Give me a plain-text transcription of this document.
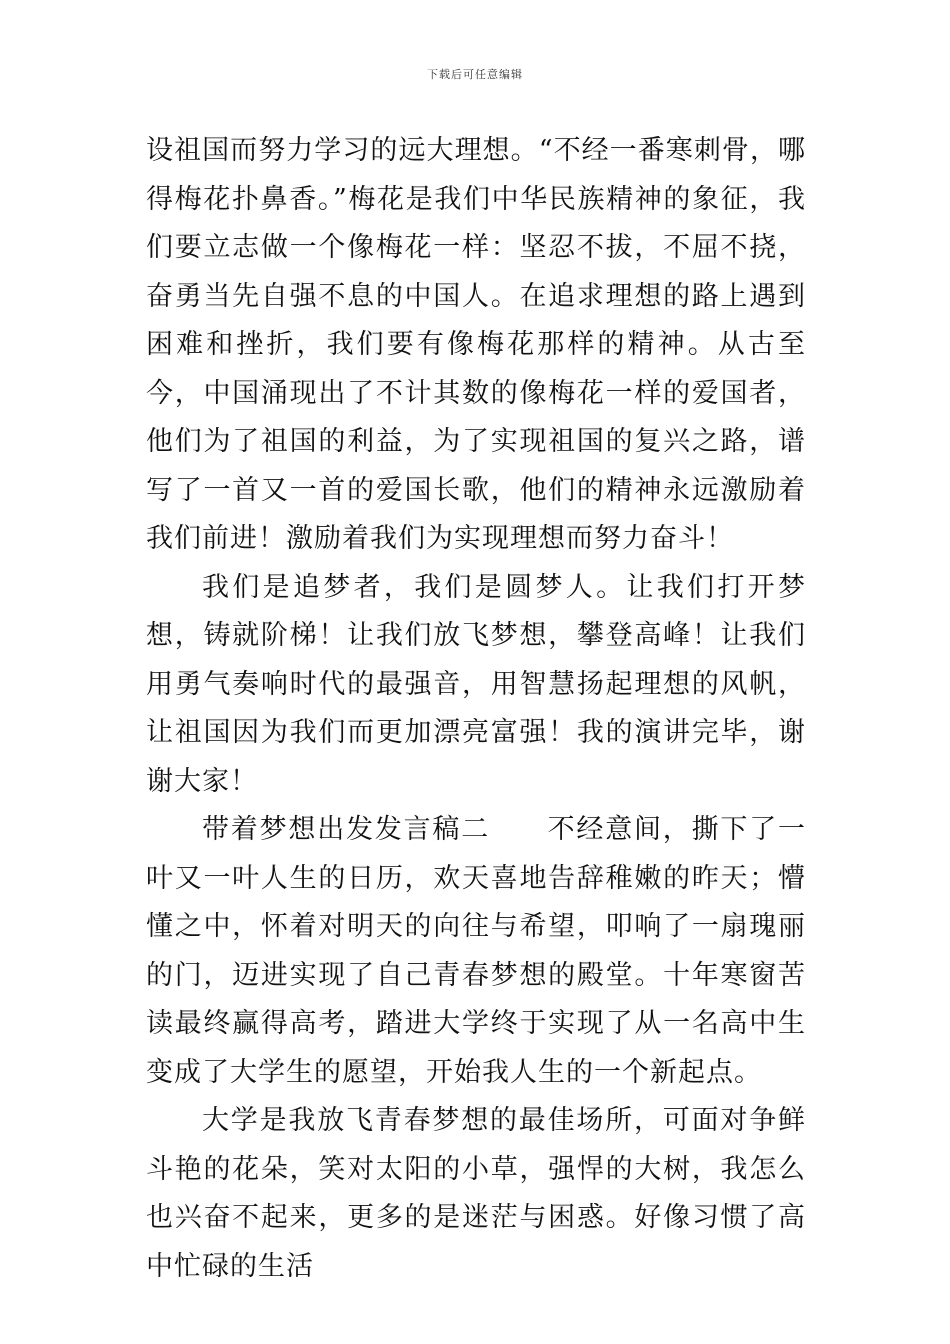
下载后可任意编辑

设祖国而努力学习的远大理想。“不经一番寒刺骨，哪得梅花扑鼻香。”梅花是我们中华民族精神的象征，我们要立志做一个像梅花一样：坚忍不拔，不屈不挠，奋勇当先自强不息的中国人。在追求理想的路上遇到困难和挫折，我们要有像梅花那样的精神。从古至今，中国涌现出了不计其数的像梅花一样的爱国者，他们为了祖国的利益，为了实现祖国的复兴之路，谱写了一首又一首的爱国长歌，他们的精神永远激励着我们前进！激励着我们为实现理想而努力奋斗！

我们是追梦者，我们是圆梦人。让我们打开梦想，铸就阶梯！让我们放飞梦想，攀登高峰！让我们用勇气奏响时代的最强音，用智慧扬起理想的风帆，让祖国因为我们而更加漂亮富强！我的演讲完毕，谢谢大家！

带着梦想出发发言稿二　　不经意间，撕下了一叶又一叶人生的日历，欢天喜地告辞稚嫩的昨天；懵懂之中，怀着对明天的向往与希望，叩响了一扇瑰丽的门，迈进实现了自己青春梦想的殿堂。十年寒窗苦读最终赢得高考，踏进大学终于实现了从一名高中生变成了大学生的愿望，开始我人生的一个新起点。

大学是我放飞青春梦想的最佳场所，可面对争鲜斗艳的花朵，笑对太阳的小草，强悍的大树，我怎么也兴奋不起来，更多的是迷茫与困惑。好像习惯了高中忙碌的生活
